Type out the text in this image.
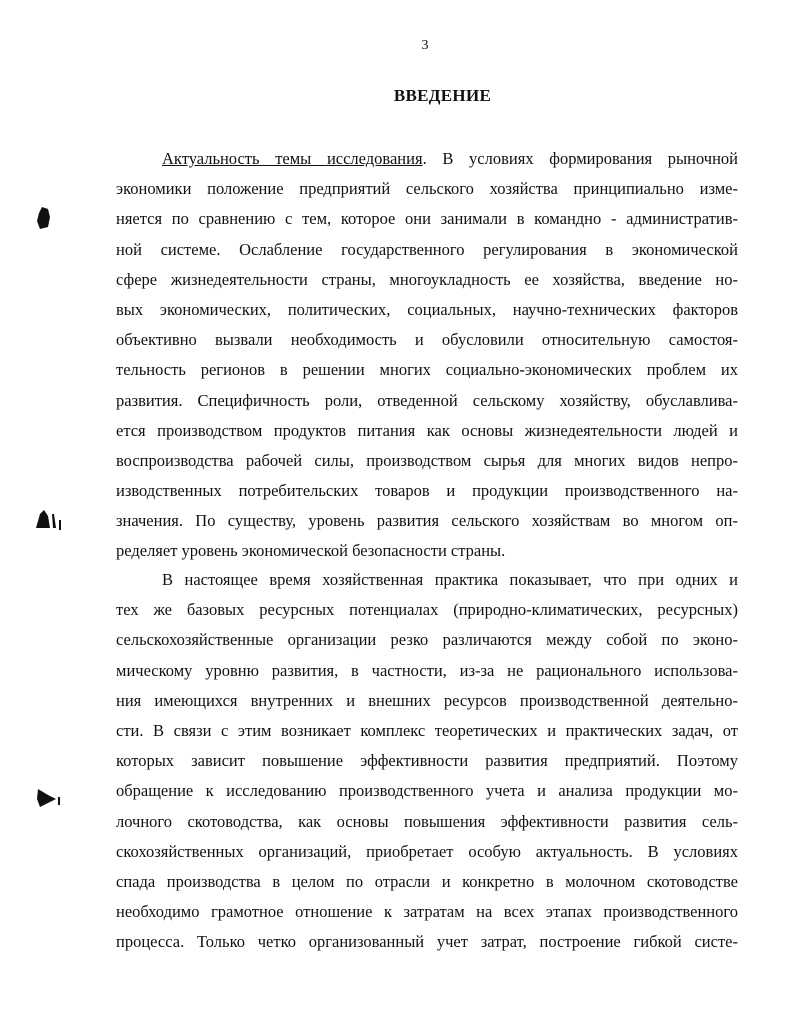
3
ВВЕДЕНИЕ
Актуальность темы исследования. В условиях формирования рыночной
экономики положение предприятий сельского хозяйства принципиально изме-
няется по сравнению с тем, которое они занимали в командно - административ-
ной системе. Ослабление государственного регулирования в экономической
сфере жизнедеятельности страны, многоукладность ее хозяйства, введение но-
вых экономических, политических, социальных, научно-технических факторов
объективно вызвали необходимость и обусловили относительную самостоя-
тельность регионов в решении многих социально-экономических проблем их
развития. Специфичность роли, отведенной сельскому хозяйству, обуславлива-
ется производством продуктов питания как основы жизнедеятельности людей и
воспроизводства рабочей силы, производством сырья для многих видов непро-
изводственных потребительских товаров и продукции производственного на-
значения. По существу, уровень развития сельского хозяйствам во многом оп-
ределяет уровень экономической безопасности страны.
В настоящее время хозяйственная практика показывает, что при одних и
тех же базовых ресурсных потенциалах (природно-климатических, ресурсных)
сельскохозяйственные организации резко различаются между собой по эконо-
мическому уровню развития, в частности, из-за не рационального использова-
ния имеющихся внутренних и внешних ресурсов производственной деятельно-
сти. В связи с этим возникает комплекс теоретических и практических задач, от
которых зависит повышение эффективности развития предприятий. Поэтому
обращение к исследованию производственного учета и анализа продукции мо-
лочного скотоводства, как основы повышения эффективности развития сель-
скохозяйственных организаций, приобретает особую актуальность. В условиях
спада производства в целом по отрасли и конкретно в молочном скотоводстве
необходимо грамотное отношение к затратам на всех этапах производственного
процесса. Только четко организованный учет затрат, построение гибкой систе-
